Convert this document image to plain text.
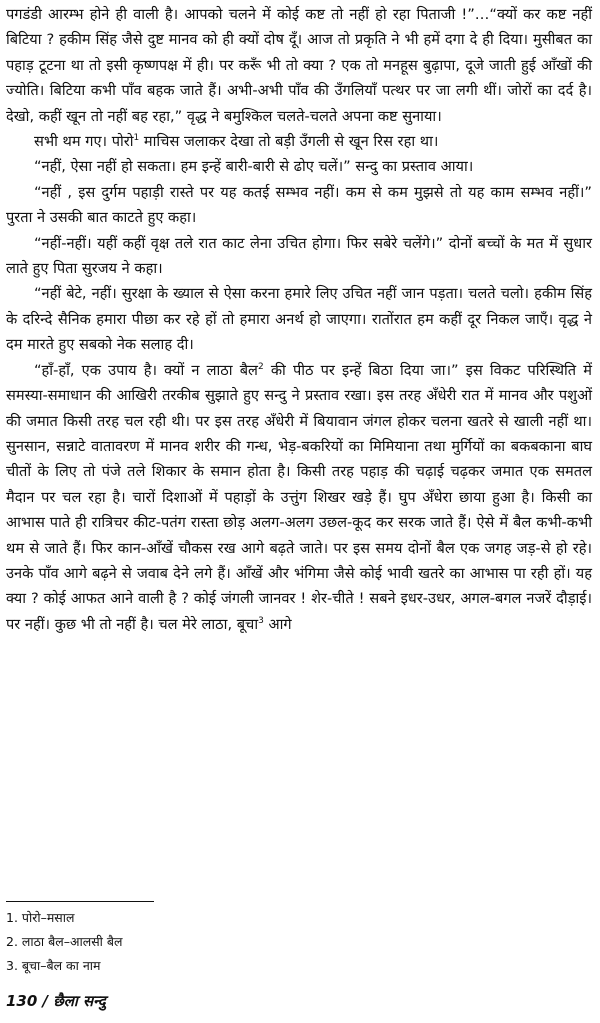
पगडंडी आरम्भ होने ही वाली है। आपको चलने में कोई कष्ट तो नहीं हो रहा पिताजी !”…“क्यों कर कष्ट नहीं बिटिया ? हकीम सिंह जैसे दुष्ट मानव को ही क्यों दोष दूँ। आज तो प्रकृति ने भी हमें दगा दे ही दिया। मुसीबत का पहाड़ टूटना था तो इसी कृष्णपक्ष में ही। पर करूँ भी तो क्या ? एक तो मनहूस बुढ़ापा, दूजे जाती हुई आँखों की ज्योति। बिटिया कभी पाँव बहक जाते हैं। अभी-अभी पाँव की उँगलियाँ पत्थर पर जा लगी थीं। जोरों का दर्द है। देखो, कहीं खून तो नहीं बह रहा,” वृद्ध ने बमुश्किल चलते-चलते अपना कष्ट सुनाया।

सभी थम गए। पोरो$^1$ माचिस जलाकर देखा तो बड़ी उँगली से खून रिस रहा था।

“नहीं, ऐसा नहीं हो सकता। हम इन्हें बारी-बारी से ढोए चलें।” सन्दु का प्रस्ताव आया।

“नहीं , इस दुर्गम पहाड़ी रास्ते पर यह कतई सम्भव नहीं। कम से कम मुझसे तो यह काम सम्भव नहीं।” पुरता ने उसकी बात काटते हुए कहा।

“नहीं-नहीं। यहीं कहीं वृक्ष तले रात काट लेना उचित होगा। फिर सबेरे चलेंगे।” दोनों बच्चों के मत में सुधार लाते हुए पिता सुरजय ने कहा।

“नहीं बेटे, नहीं। सुरक्षा के ख्याल से ऐसा करना हमारे लिए उचित नहीं जान पड़ता। चलते चलो। हकीम सिंह के दरिन्दे सैनिक हमारा पीछा कर रहे हों तो हमारा अनर्थ हो जाएगा। रातोंरात हम कहीं दूर निकल जाएँ। वृद्ध ने दम मारते हुए सबको नेक सलाह दी।

“हाँ-हाँ, एक उपाय है। क्यों न लाठा बैल$^2$ की पीठ पर इन्हें बिठा दिया जा।” इस विकट परिस्थिति में समस्या-समाधान की आखिरी तरकीब सुझाते हुए सन्दु ने प्रस्ताव रखा। इस तरह अँधेरी रात में मानव और पशुओं की जमात किसी तरह चल रही थी। पर इस तरह अँधेरी में बियावान जंगल होकर चलना खतरे से खाली नहीं था। सुनसान, सन्नाटे वातावरण में मानव शरीर की गन्ध, भेड़-बकरियों का मिमियाना तथा मुर्गियों का बकबकाना बाघ चीतों के लिए तो पंजे तले शिकार के समान होता है। किसी तरह पहाड़ की चढ़ाई चढ़कर जमात एक समतल मैदान पर चल रहा है। चारों दिशाओं में पहाड़ों के उत्तुंग शिखर खड़े हैं। घुप अँधेरा छाया हुआ है। किसी का आभास पाते ही रात्रिचर कीट-पतंग रास्ता छोड़ अलग-अलग उछल-कूद कर सरक जाते हैं। ऐसे में बैल कभी-कभी थम से जाते हैं। फिर कान-आँखें चौकस रख आगे बढ़ते जाते। पर इस समय दोनों बैल एक जगह जड़-से हो रहे। उनके पाँव आगे बढ़ने से जवाब देने लगे हैं। आँखें और भंगिमा जैसे कोई भावी खतरे का आभास पा रही हों। यह क्या ? कोई आफत आने वाली है ? कोई जंगली जानवर ! शेर-चीते ! सबने इधर-उधर, अगल-बगल नजरें दौड़ाई। पर नहीं। कुछ भी तो नहीं है। चल मेरे लाठा, बूचा$^3$ आगे

1. पोरो–मसाल
2. लाठा बैल–आलसी बैल
3. बूचा–बैल का नाम
130 / छैला सन्दु
